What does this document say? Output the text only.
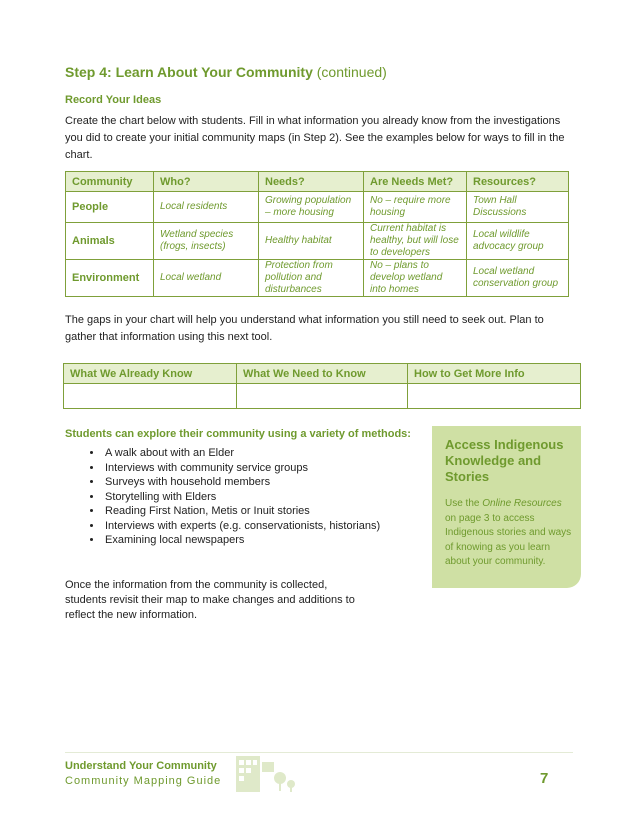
Step 4: Learn About Your Community (continued)
Record Your Ideas
Create the chart below with students. Fill in what information you already know from the investigations you did to create your initial community maps (in Step 2). See the examples below for ways to fill in the chart.
Community	Who?	Needs?	Are Needs Met?	Resources?
People	Local residents	Growing population – more housing	No – require more housing	Town Hall Discussions
Animals	Wetland species (frogs, insects)	Healthy habitat	Current habitat is healthy, but will lose to developers	Local wildlife advocacy group
Environment	Local wetland	Protection from pollution and disturbances	No – plans to develop wetland into homes	Local wetland conservation group
The gaps in your chart will help you understand what information you still need to seek out. Plan to gather that information using this next tool.
What We Already Know	What We Need to Know	How to Get More Info

Students can explore their community using a variety of methods:
• A walk about with an Elder
• Interviews with community service groups
• Surveys with household members
• Storytelling with Elders
• Reading First Nation, Metis or Inuit stories
• Interviews with experts (e.g. conservationists, historians)
• Examining local newspapers
Once the information from the community is collected, students revisit their map to make changes and additions to reflect the new information.
Access Indigenous Knowledge and Stories
Use the Online Resources on page 3 to access Indigenous stories and ways of knowing as you learn about your community.
Understand Your Community
Community Mapping Guide	7
